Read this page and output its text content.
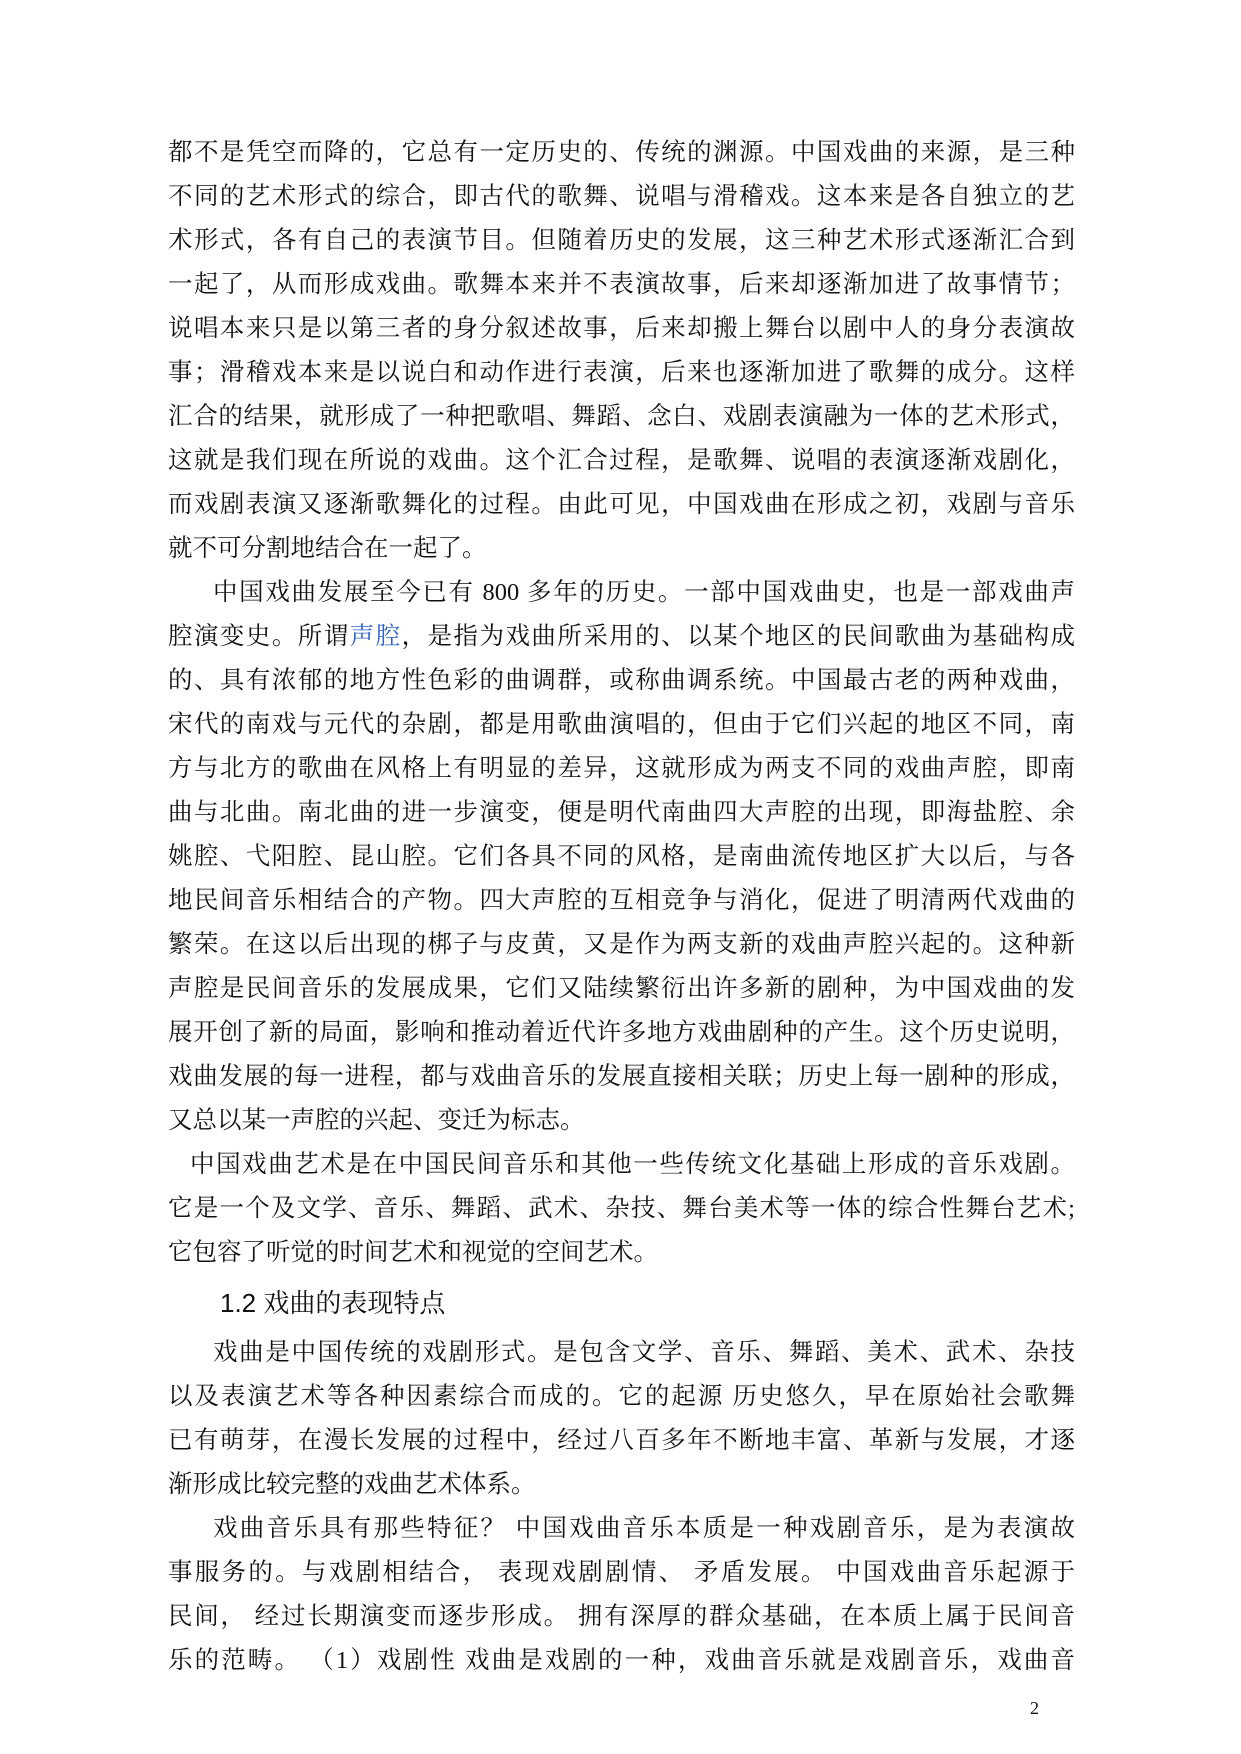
都不是凭空而降的，它总有一定历史的、传统的渊源。中国戏曲的来源，是三种
不同的艺术形式的综合，即古代的歌舞、说唱与滑稽戏。这本来是各自独立的艺
术形式，各有自己的表演节目。但随着历史的发展，这三种艺术形式逐渐汇合到
一起了，从而形成戏曲。歌舞本来并不表演故事，后来却逐渐加进了故事情节；
说唱本来只是以第三者的身分叙述故事，后来却搬上舞台以剧中人的身分表演故
事；滑稽戏本来是以说白和动作进行表演，后来也逐渐加进了歌舞的成分。这样
汇合的结果，就形成了一种把歌唱、舞蹈、念白、戏剧表演融为一体的艺术形式，
这就是我们现在所说的戏曲。这个汇合过程，是歌舞、说唱的表演逐渐戏剧化，
而戏剧表演又逐渐歌舞化的过程。由此可见，中国戏曲在形成之初，戏剧与音乐
就不可分割地结合在一起了。
中国戏曲发展至今已有 800 多年的历史。一部中国戏曲史，也是一部戏曲声
腔演变史。所谓声腔，是指为戏曲所采用的、以某个地区的民间歌曲为基础构成
的、具有浓郁的地方性色彩的曲调群，或称曲调系统。中国最古老的两种戏曲，
宋代的南戏与元代的杂剧，都是用歌曲演唱的，但由于它们兴起的地区不同，南
方与北方的歌曲在风格上有明显的差异，这就形成为两支不同的戏曲声腔，即南
曲与北曲。南北曲的进一步演变，便是明代南曲四大声腔的出现，即海盐腔、余
姚腔、弋阳腔、昆山腔。它们各具不同的风格，是南曲流传地区扩大以后，与各
地民间音乐相结合的产物。四大声腔的互相竞争与消化，促进了明清两代戏曲的
繁荣。在这以后出现的梆子与皮黄，又是作为两支新的戏曲声腔兴起的。这种新
声腔是民间音乐的发展成果，它们又陆续繁衍出许多新的剧种，为中国戏曲的发
展开创了新的局面，影响和推动着近代许多地方戏曲剧种的产生。这个历史说明，
戏曲发展的每一进程，都与戏曲音乐的发展直接相关联；历史上每一剧种的形成，
又总以某一声腔的兴起、变迁为标志。
中国戏曲艺术是在中国民间音乐和其他一些传统文化基础上形成的音乐戏剧。
它是一个及文学、音乐、舞蹈、武术、杂技、舞台美术等一体的综合性舞台艺术;
它包容了听觉的时间艺术和视觉的空间艺术。
1.2 戏曲的表现特点
戏曲是中国传统的戏剧形式。是包含文学、音乐、舞蹈、美术、武术、杂技
以及表演艺术等各种因素综合而成的。它的起源 历史悠久，早在原始社会歌舞
已有萌芽，在漫长发展的过程中，经过八百多年不断地丰富、革新与发展，才逐
渐形成比较完整的戏曲艺术体系。
戏曲音乐具有那些特征？ 中国戏曲音乐本质是一种戏剧音乐，是为表演故
事服务的。与戏剧相结合， 表现戏剧剧情、 矛盾发展。 中国戏曲音乐起源于
民间， 经过长期演变而逐步形成。 拥有深厚的群众基础，在本质上属于民间音
乐的范畴。 （1）戏剧性 戏曲是戏剧的一种，戏曲音乐就是戏剧音乐，戏曲音
2
